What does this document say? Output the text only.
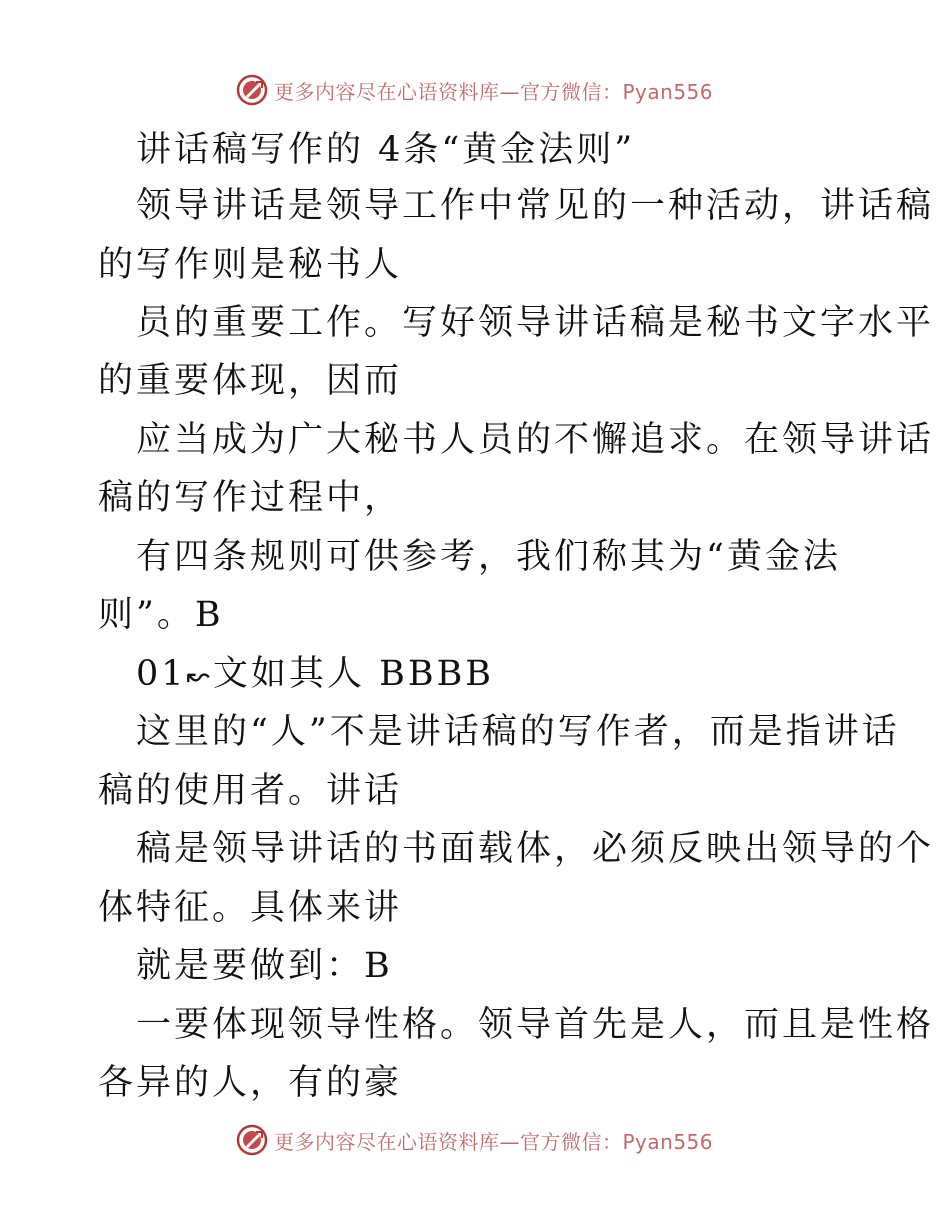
更多内容尽在心语资料库—官方微信：Pyan556
讲话稿写作的 4条“黄金法则”
领导讲话是领导工作中常见的一种活动，讲话稿
的写作则是秘书人
员的重要工作。写好领导讲话稿是秘书文字水平
的重要体现，因而
应当成为广大秘书人员的不懈追求。在领导讲话
稿的写作过程中，
有四条规则可供参考，我们称其为“黄金法
则”。B
01↜文如其人 BBBB
这里的“人”不是讲话稿的写作者，而是指讲话
稿的使用者。讲话
稿是领导讲话的书面载体，必须反映出领导的个
体特征。具体来讲
就是要做到：B
一要体现领导性格。领导首先是人，而且是性格
各异的人，有的豪
更多内容尽在心语资料库—官方微信：Pyan556
